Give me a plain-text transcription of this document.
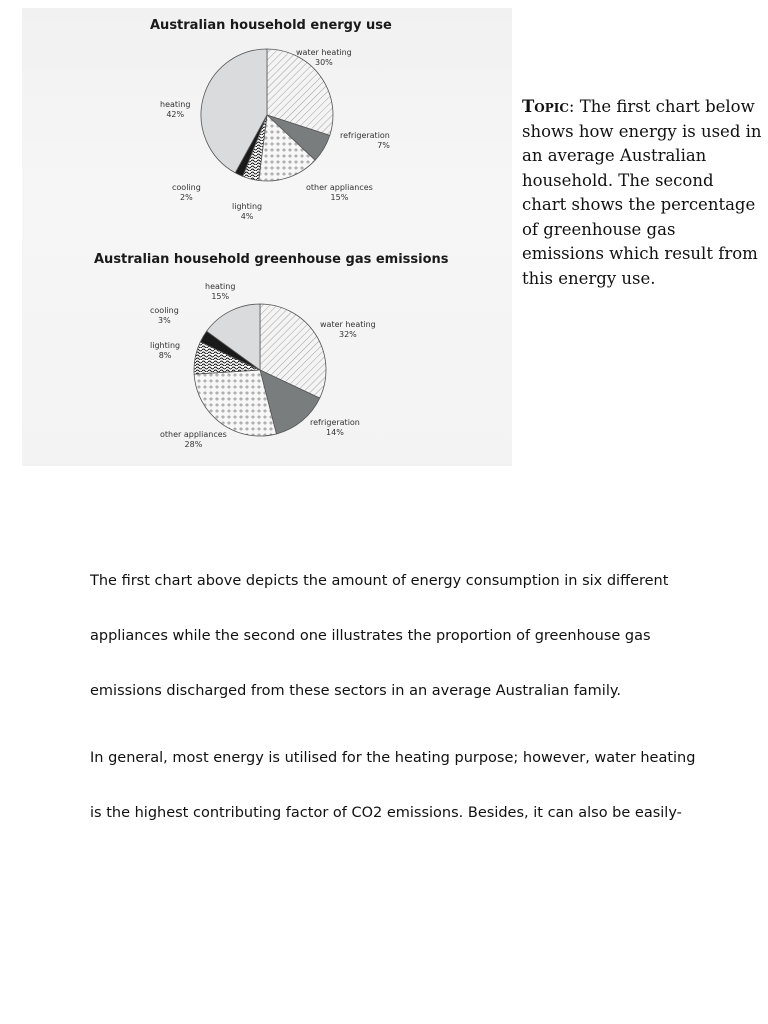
Australian household energy use
water heating
30%
heating
42%
refrigeration
7%
other appliances
15%
cooling
2%
lighting
4%
Australian household greenhouse gas emissions
heating
15%
cooling
3%	water heating
32%
lighting
8%
refrigeration
14%
other appliances
28%
Topic: The first chart below shows how energy is used in an average Australian household. The second chart shows the percentage of greenhouse gas emissions which result from this energy use.
The first chart above depicts the amount of energy consumption in six different
appliances while the second one illustrates the proportion of greenhouse gas
emissions discharged from these sectors in an average Australian family.
In general, most energy is utilised for the heating purpose; however, water heating
is the highest contributing factor of CO2 emissions. Besides, it can also be easily-
